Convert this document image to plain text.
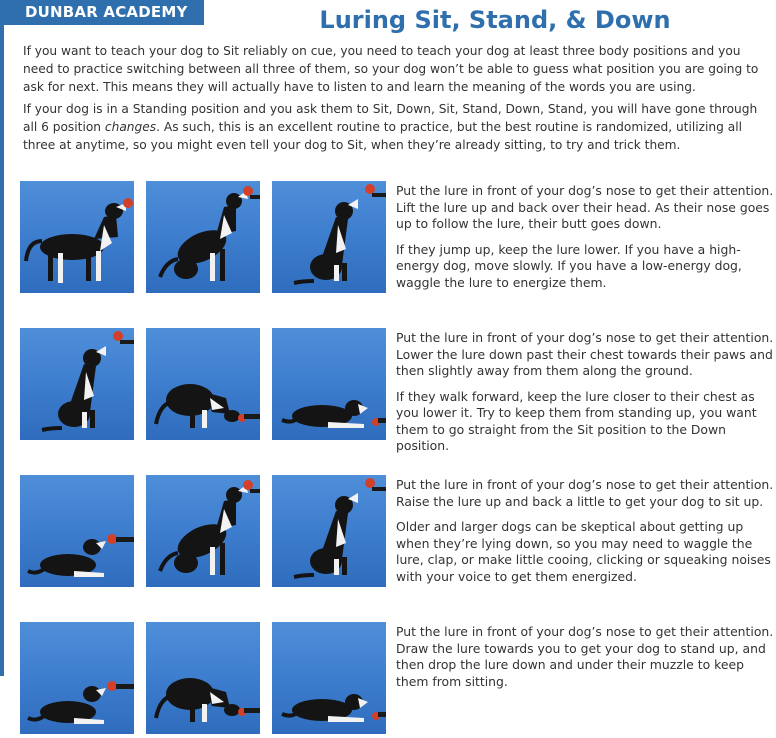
DUNBAR ACADEMY	Luring Sit, Stand, & Down

If you want to teach your dog to Sit reliably on cue, you need to teach your dog at least three body positions and you need to practice switching between all three of them, so your dog won’t be able to guess what position you are going to ask for next. This means they will actually have to listen to and learn the meaning of the words you are using.

If your dog is in a Standing position and you ask them to Sit, Down, Sit, Stand, Down, Stand, you will have gone through all 6 position changes. As such, this is an excellent routine to practice, but the best routine is randomized, utilizing all three at anytime, so you might even tell your dog to Sit, when they’re already sitting, to try and trick them.

Put the lure in front of your dog’s nose to get their attention. Lift the lure up and back over their head. As their nose goes up to follow the lure, their butt goes down.

If they jump up, keep the lure lower. If you have a high-energy dog, move slowly. If you have a low-energy dog, waggle the lure to energize them.

Put the lure in front of your dog’s nose to get their attention. Lower the lure down past their chest towards their paws and then slightly away from them along the ground.

If they walk forward, keep the lure closer to their chest as you lower it. Try to keep them from standing up, you want them to go straight from the Sit position to the Down position.

Put the lure in front of your dog’s nose to get their attention. Raise the lure up and back a little to get your dog to sit up.

Older and larger dogs can be skeptical about getting up when they’re lying down, so you may need to waggle the lure, clap, or make little cooing, clicking or squeaking noises with your voice to get them energized.

Put the lure in front of your dog’s nose to get their attention. Draw the lure towards you to get your dog to stand up, and then drop the lure down and under their muzzle to keep them from sitting.
